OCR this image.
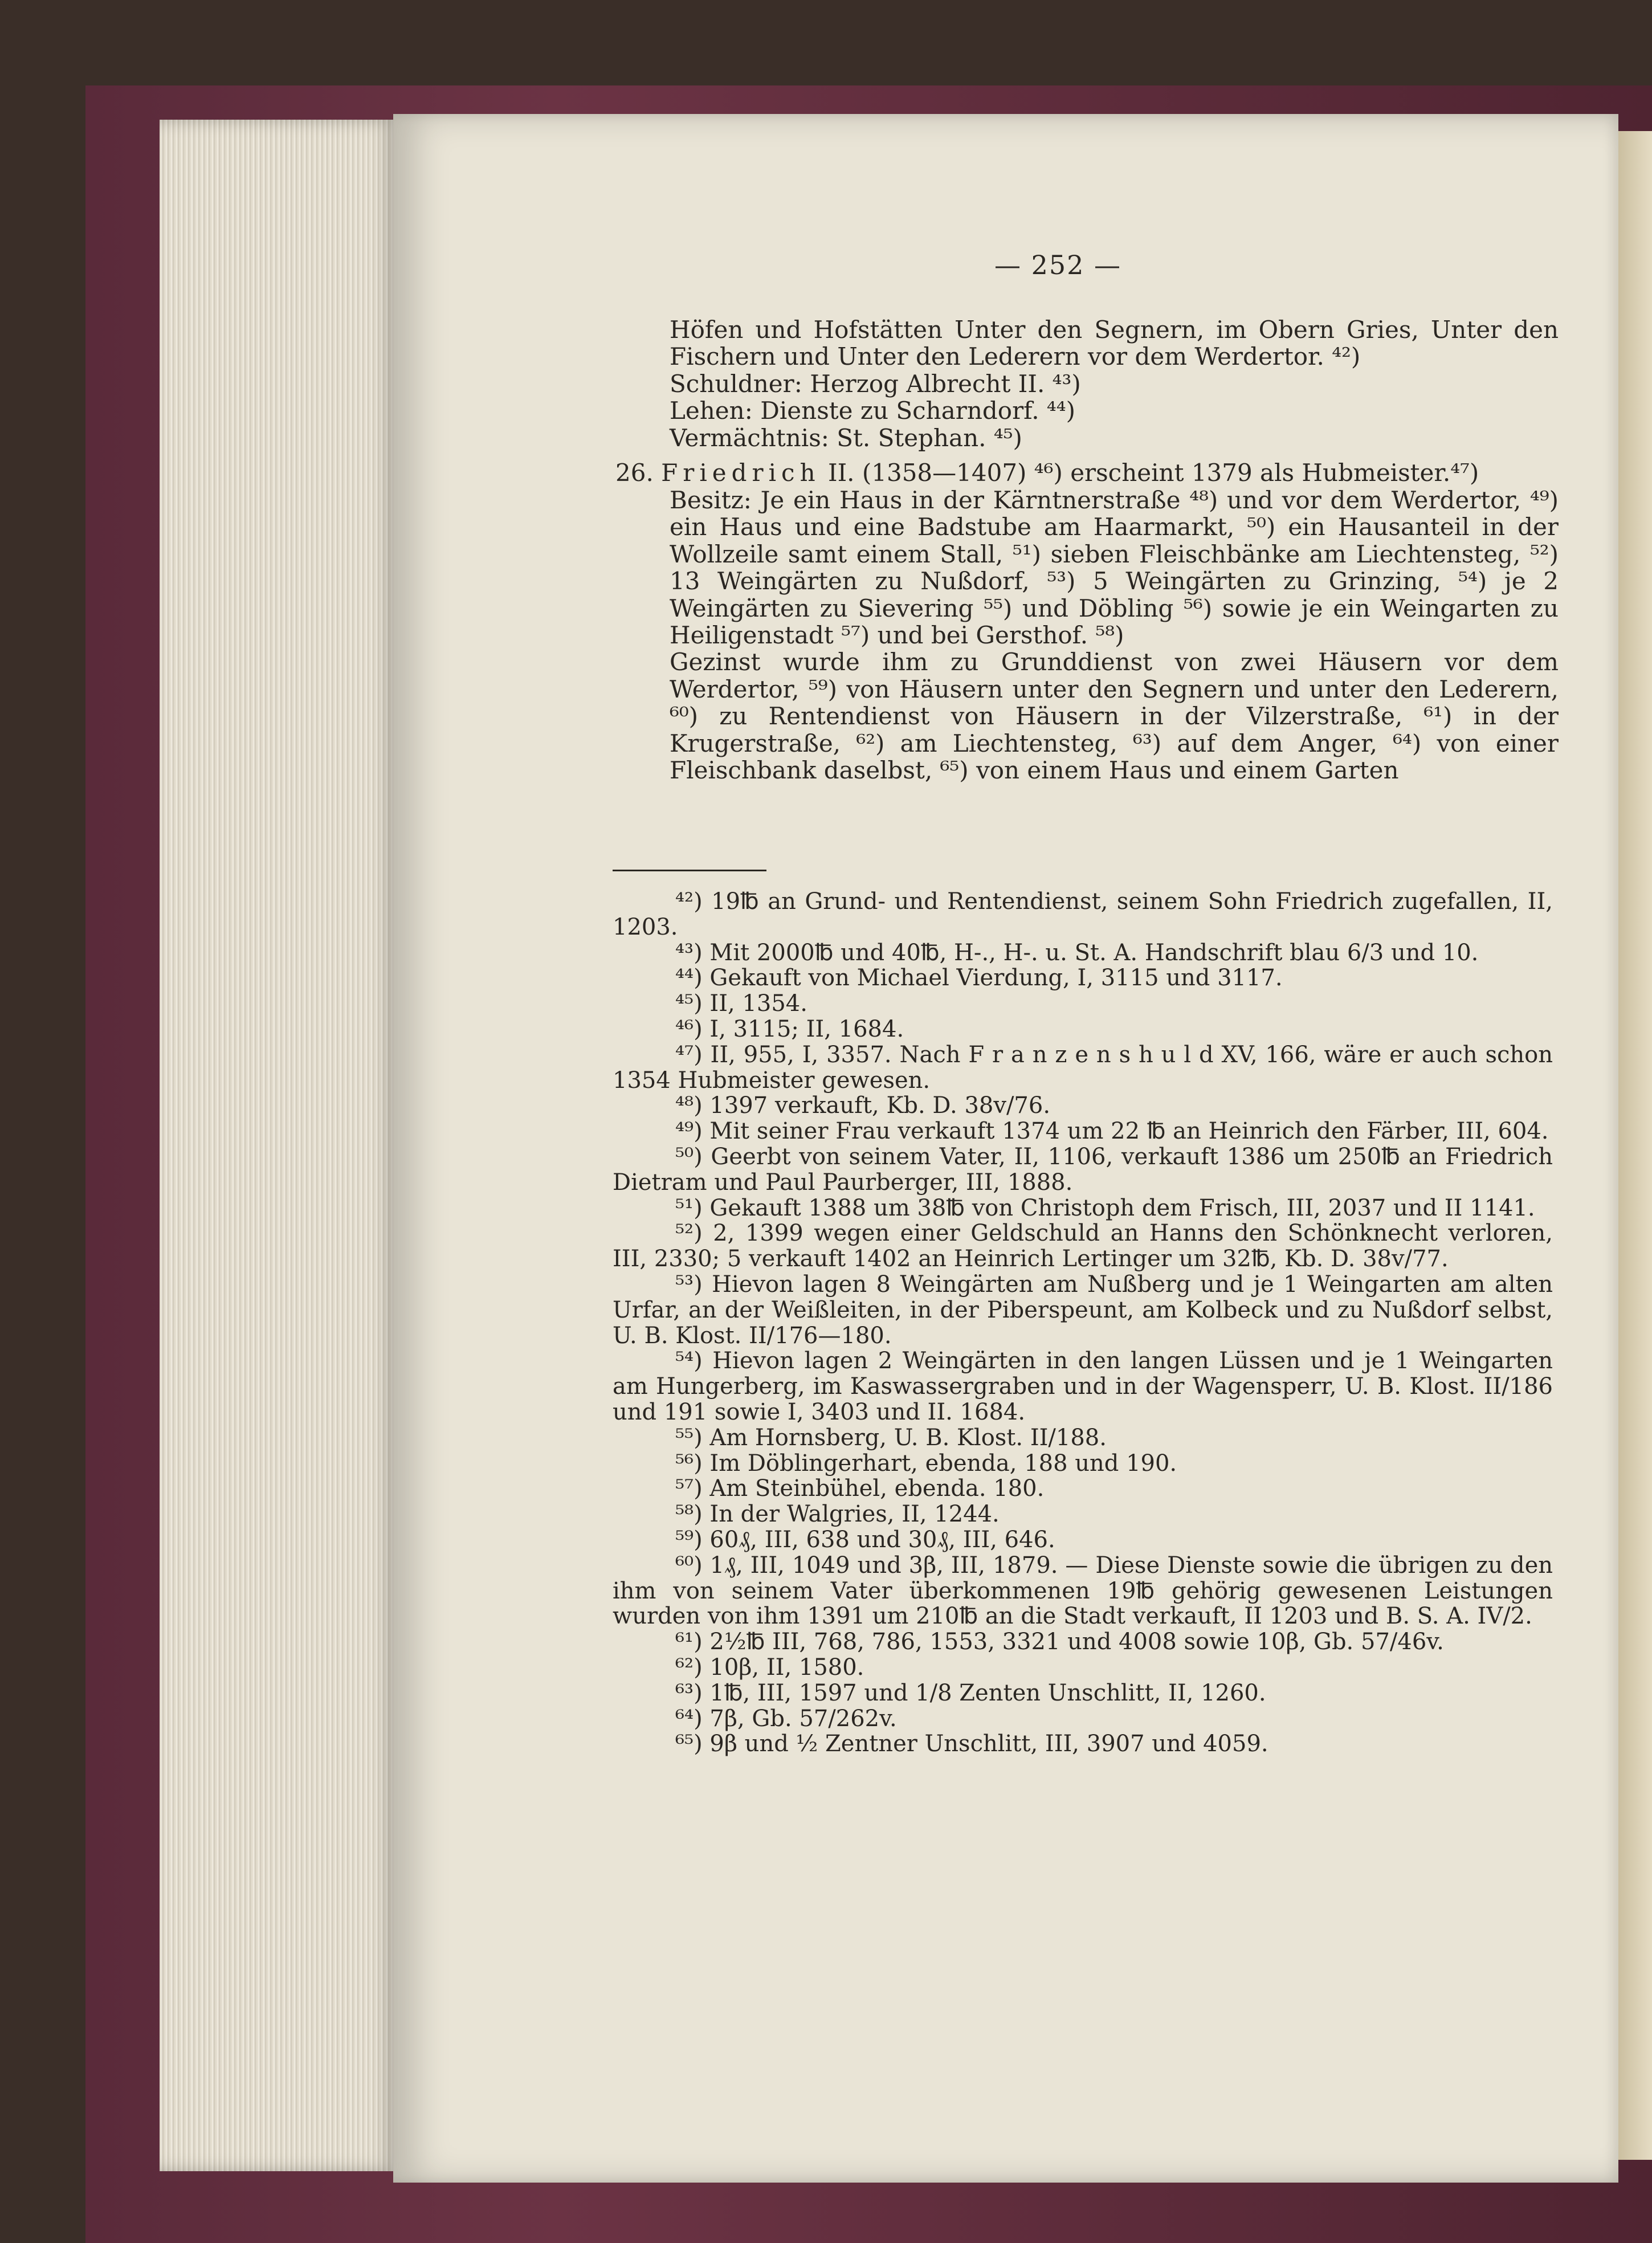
— 252 —

Höfen und Hofstätten Unter den Segnern, im Obern Gries, Unter den Fischern und Unter den Lederern vor dem Werdertor. ⁴²)

Schuldner: Herzog Albrecht II. ⁴³)

Lehen: Dienste zu Scharndorf. ⁴⁴)

Vermächtnis: St. Stephan. ⁴⁵)

26. Friedrich II. (1358—1407) ⁴⁶) erscheint 1379 als Hubmeister.⁴⁷)

Besitz: Je ein Haus in der Kärntnerstraße ⁴⁸) und vor dem Werdertor, ⁴⁹) ein Haus und eine Badstube am Haarmarkt, ⁵⁰) ein Hausanteil in der Wollzeile samt einem Stall, ⁵¹) sieben Fleischbänke am Liechtensteg, ⁵²) 13 Weingärten zu Nußdorf, ⁵³) 5 Weingärten zu Grinzing, ⁵⁴) je 2 Weingärten zu Sievering ⁵⁵) und Döbling ⁵⁶) sowie je ein Weingarten zu Heiligenstadt ⁵⁷) und bei Gersthof. ⁵⁸)

Gezinst wurde ihm zu Grunddienst von zwei Häusern vor dem Werdertor, ⁵⁹) von Häusern unter den Segnern und unter den Lederern, ⁶⁰) zu Rentendienst von Häusern in der Vilzerstraße, ⁶¹) in der Krugerstraße, ⁶²) am Liechtensteg, ⁶³) auf dem Anger, ⁶⁴) von einer Fleischbank daselbst, ⁶⁵) von einem Haus und einem Garten

⁴²) 19℔ an Grund- und Rentendienst, seinem Sohn Friedrich zugefallen, II, 1203.

⁴³) Mit 2000℔ und 40℔, H-., H-. u. St. A. Handschrift blau 6/3 und 10.

⁴⁴) Gekauft von Michael Vierdung, I, 3115 und 3117.

⁴⁵) II, 1354.

⁴⁶) I, 3115; II, 1684.

⁴⁷) II, 955, I, 3357. Nach F r a n z e n s h u l d XV, 166, wäre er auch schon 1354 Hubmeister gewesen.

⁴⁸) 1397 verkauft, Kb. D. 38v/76.

⁴⁹) Mit seiner Frau verkauft 1374 um 22 ℔ an Heinrich den Färber, III, 604.

⁵⁰) Geerbt von seinem Vater, II, 1106, verkauft 1386 um 250℔ an Friedrich Dietram und Paul Paurberger, III, 1888.

⁵¹) Gekauft 1388 um 38℔ von Christoph dem Frisch, III, 2037 und II 1141.

⁵²) 2, 1399 wegen einer Geldschuld an Hanns den Schönknecht verloren, III, 2330; 5 verkauft 1402 an Heinrich Lertinger um 32℔, Kb. D. 38v/77.

⁵³) Hievon lagen 8 Weingärten am Nußberg und je 1 Weingarten am alten Urfar, an der Weißleiten, in der Piberspeunt, am Kolbeck und zu Nußdorf selbst, U. B. Klost. II/176—180.

⁵⁴) Hievon lagen 2 Weingärten in den langen Lüssen und je 1 Weingarten am Hungerberg, im Kaswassergraben und in der Wagensperr, U. B. Klost. II/186 und 191 sowie I, 3403 und II. 1684.

⁵⁵) Am Hornsberg, U. B. Klost. II/188.

⁵⁶) Im Döblingerhart, ebenda, 188 und 190.

⁵⁷) Am Steinbühel, ebenda. 180.

⁵⁸) In der Walgries, II, 1244.

⁵⁹) 60₰, III, 638 und 30₰, III, 646.

⁶⁰) 1₰, III, 1049 und 3β, III, 1879. — Diese Dienste sowie die übrigen zu den ihm von seinem Vater überkommenen 19℔ gehörig gewesenen Leistungen wurden von ihm 1391 um 210℔ an die Stadt verkauft, II 1203 und B. S. A. IV/2.

⁶¹) 2½℔ III, 768, 786, 1553, 3321 und 4008 sowie 10β, Gb. 57/46v.

⁶²) 10β, II, 1580.

⁶³) 1℔, III, 1597 und 1/8 Zenten Unschlitt, II, 1260.

⁶⁴) 7β, Gb. 57/262v.

⁶⁵) 9β und ½ Zentner Unschlitt, III, 3907 und 4059.
